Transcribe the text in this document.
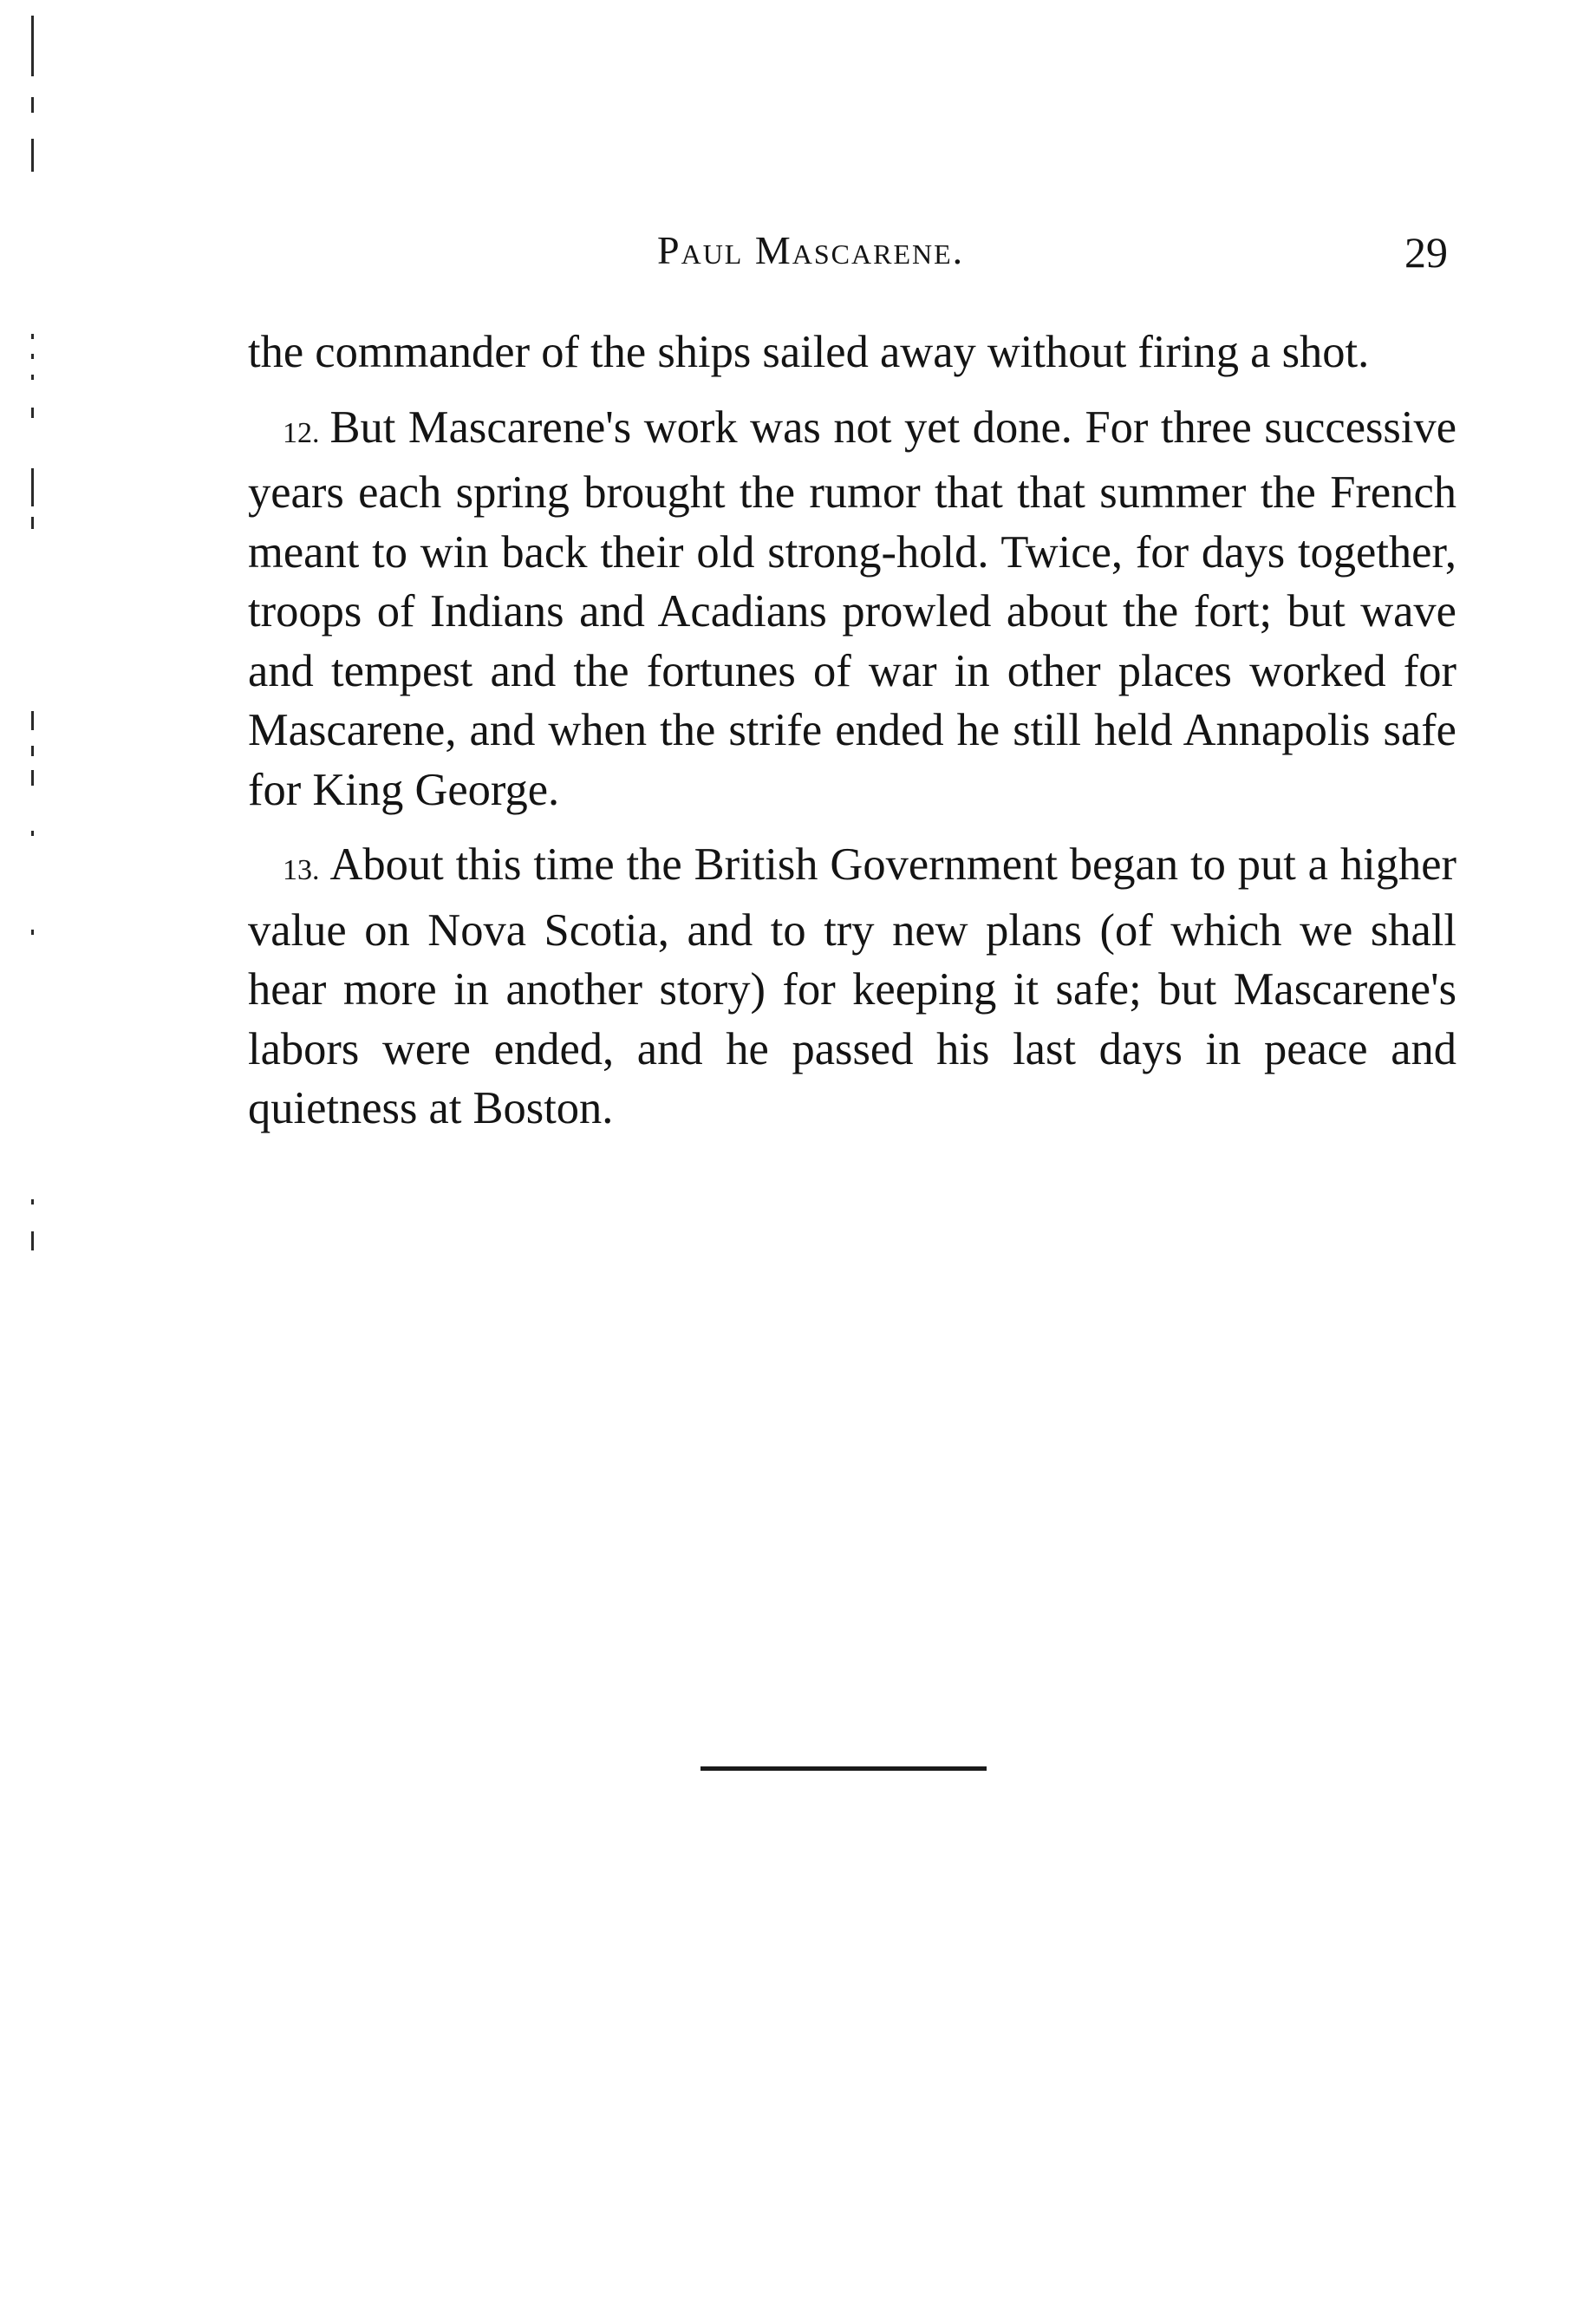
Paul Mascarene.	29

the commander of the ships sailed away without firing a shot.

12. But Mascarene's work was not yet done. For three successive years each spring brought the rumor that that summer the French meant to win back their old strong-hold. Twice, for days together, troops of Indians and Acadians prowled about the fort; but wave and tempest and the fortunes of war in other places worked for Mascarene, and when the strife ended he still held Annapolis safe for King George.

13. About this time the British Government began to put a higher value on Nova Scotia, and to try new plans (of which we shall hear more in another story) for keeping it safe; but Mascarene's labors were ended, and he passed his last days in peace and quietness at Boston.
